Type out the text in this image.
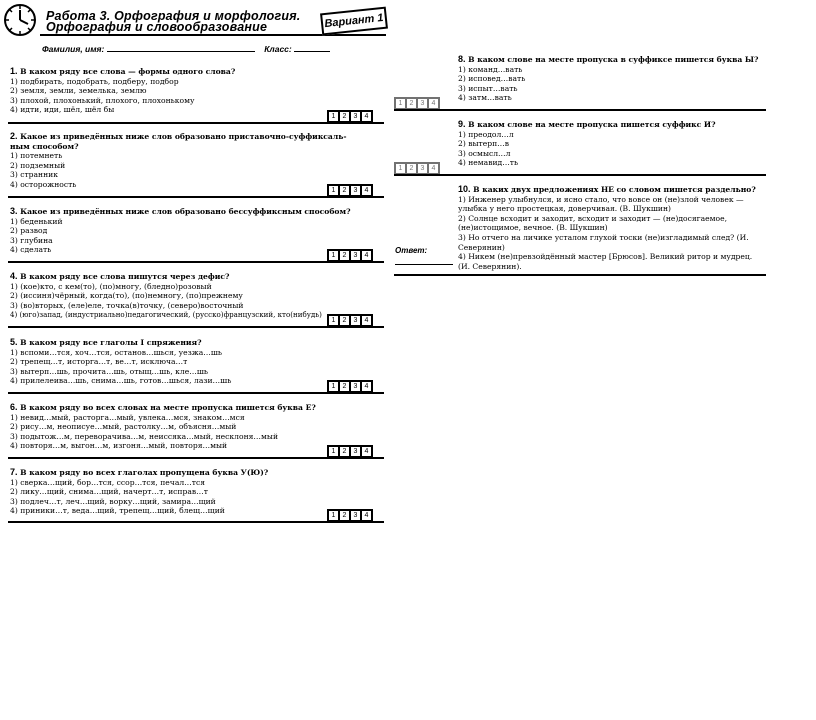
Работа 3. Орфография и морфология.
Орфография и словообразование	Вариант 1
Фамилия, имя:	Класс:
1. В каком ряду все слова — формы одного слова?
1) подбирать, подобрать, подберу, подбор
2) земля, земли, земелька, землю
3) плохой, плохонький, плохого, плохонькому
4) идти, иди, шёл, шёл бы
1	2	3	4
2. Какое из приведённых ниже слов образовано приставочно-суффиксаль-
ным способом?
1) потемнеть
2) подземный
3) странник
4) осторожность
1	2	3	4
3. Какое из приведённых ниже слов образовано бессуффиксным способом?
1) беденький
2) развод
3) глубина
4) сделать
1	2	3	4
4. В каком ряду все слова пишутся через дефис?
1) (кое)кто, с кем(то), (по)многу, (бледно)розовый
2) (иссиня)чёрный, когда(то), (по)немногу, (по)прежнему
3) (во)вторых, (еле)еле, точка(в)точку, (северо)восточный
4) (юго)запад, (индустриально)педагогический, (русско)французский, кто(нибудь)
1	2	3	4
5. В каком ряду все глаголы I спряжения?
1) вспоми…тся, хоч…тся, останов…шься, уезжа…шь
2) трепещ…т, исторга…т, ве…т, исключа…т
3) вытерп…шь, прочита…шь, отыщ…шь, кле…шь
4) прилелеива…шь, снима…шь, готов…шься, лази…шь
1	2	3	4
6. В каком ряду во всех словах на месте пропуска пишется буква Е?
1) невид…мый, расторга…мый, увлека…мся, знаком…мся
2) рису…м, неописуе…мый, растолку…м, объясня…мый
3) подытож…м, переворачива…м, неиссяка…мый, несклоня…мый
4) повторя…м, выгон…м, изгоня…мый, повторя…мый
1	2	3	4
7. В каком ряду во всех глаголах пропущена буква У(Ю)?
1) сверка…щий, бор…тся, ссор…тся, печал…тся
2) лику…щий, снима…щий, начерт…т, исправ…т
3) подлеч…т, леч…щий, ворку…щий, замира…щий
4) приники…т, веда…щий, трепещ…щий, блещ…щий
1	2	3	4
8. В каком слове на месте пропуска в суффиксе пишется буква Ы?
1) команд…вать
2) исповед…вать
3) испыт…вать
4) затм…вать
1	2	3	4
9. В каком слове на месте пропуска пишется суффикс И?
1) преодол…л
2) вытерп…в
3) осмысл…л
4) немавид…ть
1	2	3	4
10. В каких двух предложениях НЕ со словом пишется раздельно?
1) Инженер улыбнулся, и ясно стало, что вовсе он (не)злой человек — улыбка у него простецкая, доверчивая. (В. Шукшин)
2) Солнце всходит и заходит, всходит и заходит — (не)досягаемое, (не)истощимое, вечное. (В. Шукшин)
3) Но отчего на личике усталом глухой тоски (не)изгладимый след? (И. Северянин)
4) Никем (не)превзойдённый мастер [Брюсов]. Великий ритор и мудрец. (И. Северянин).
Ответ:
